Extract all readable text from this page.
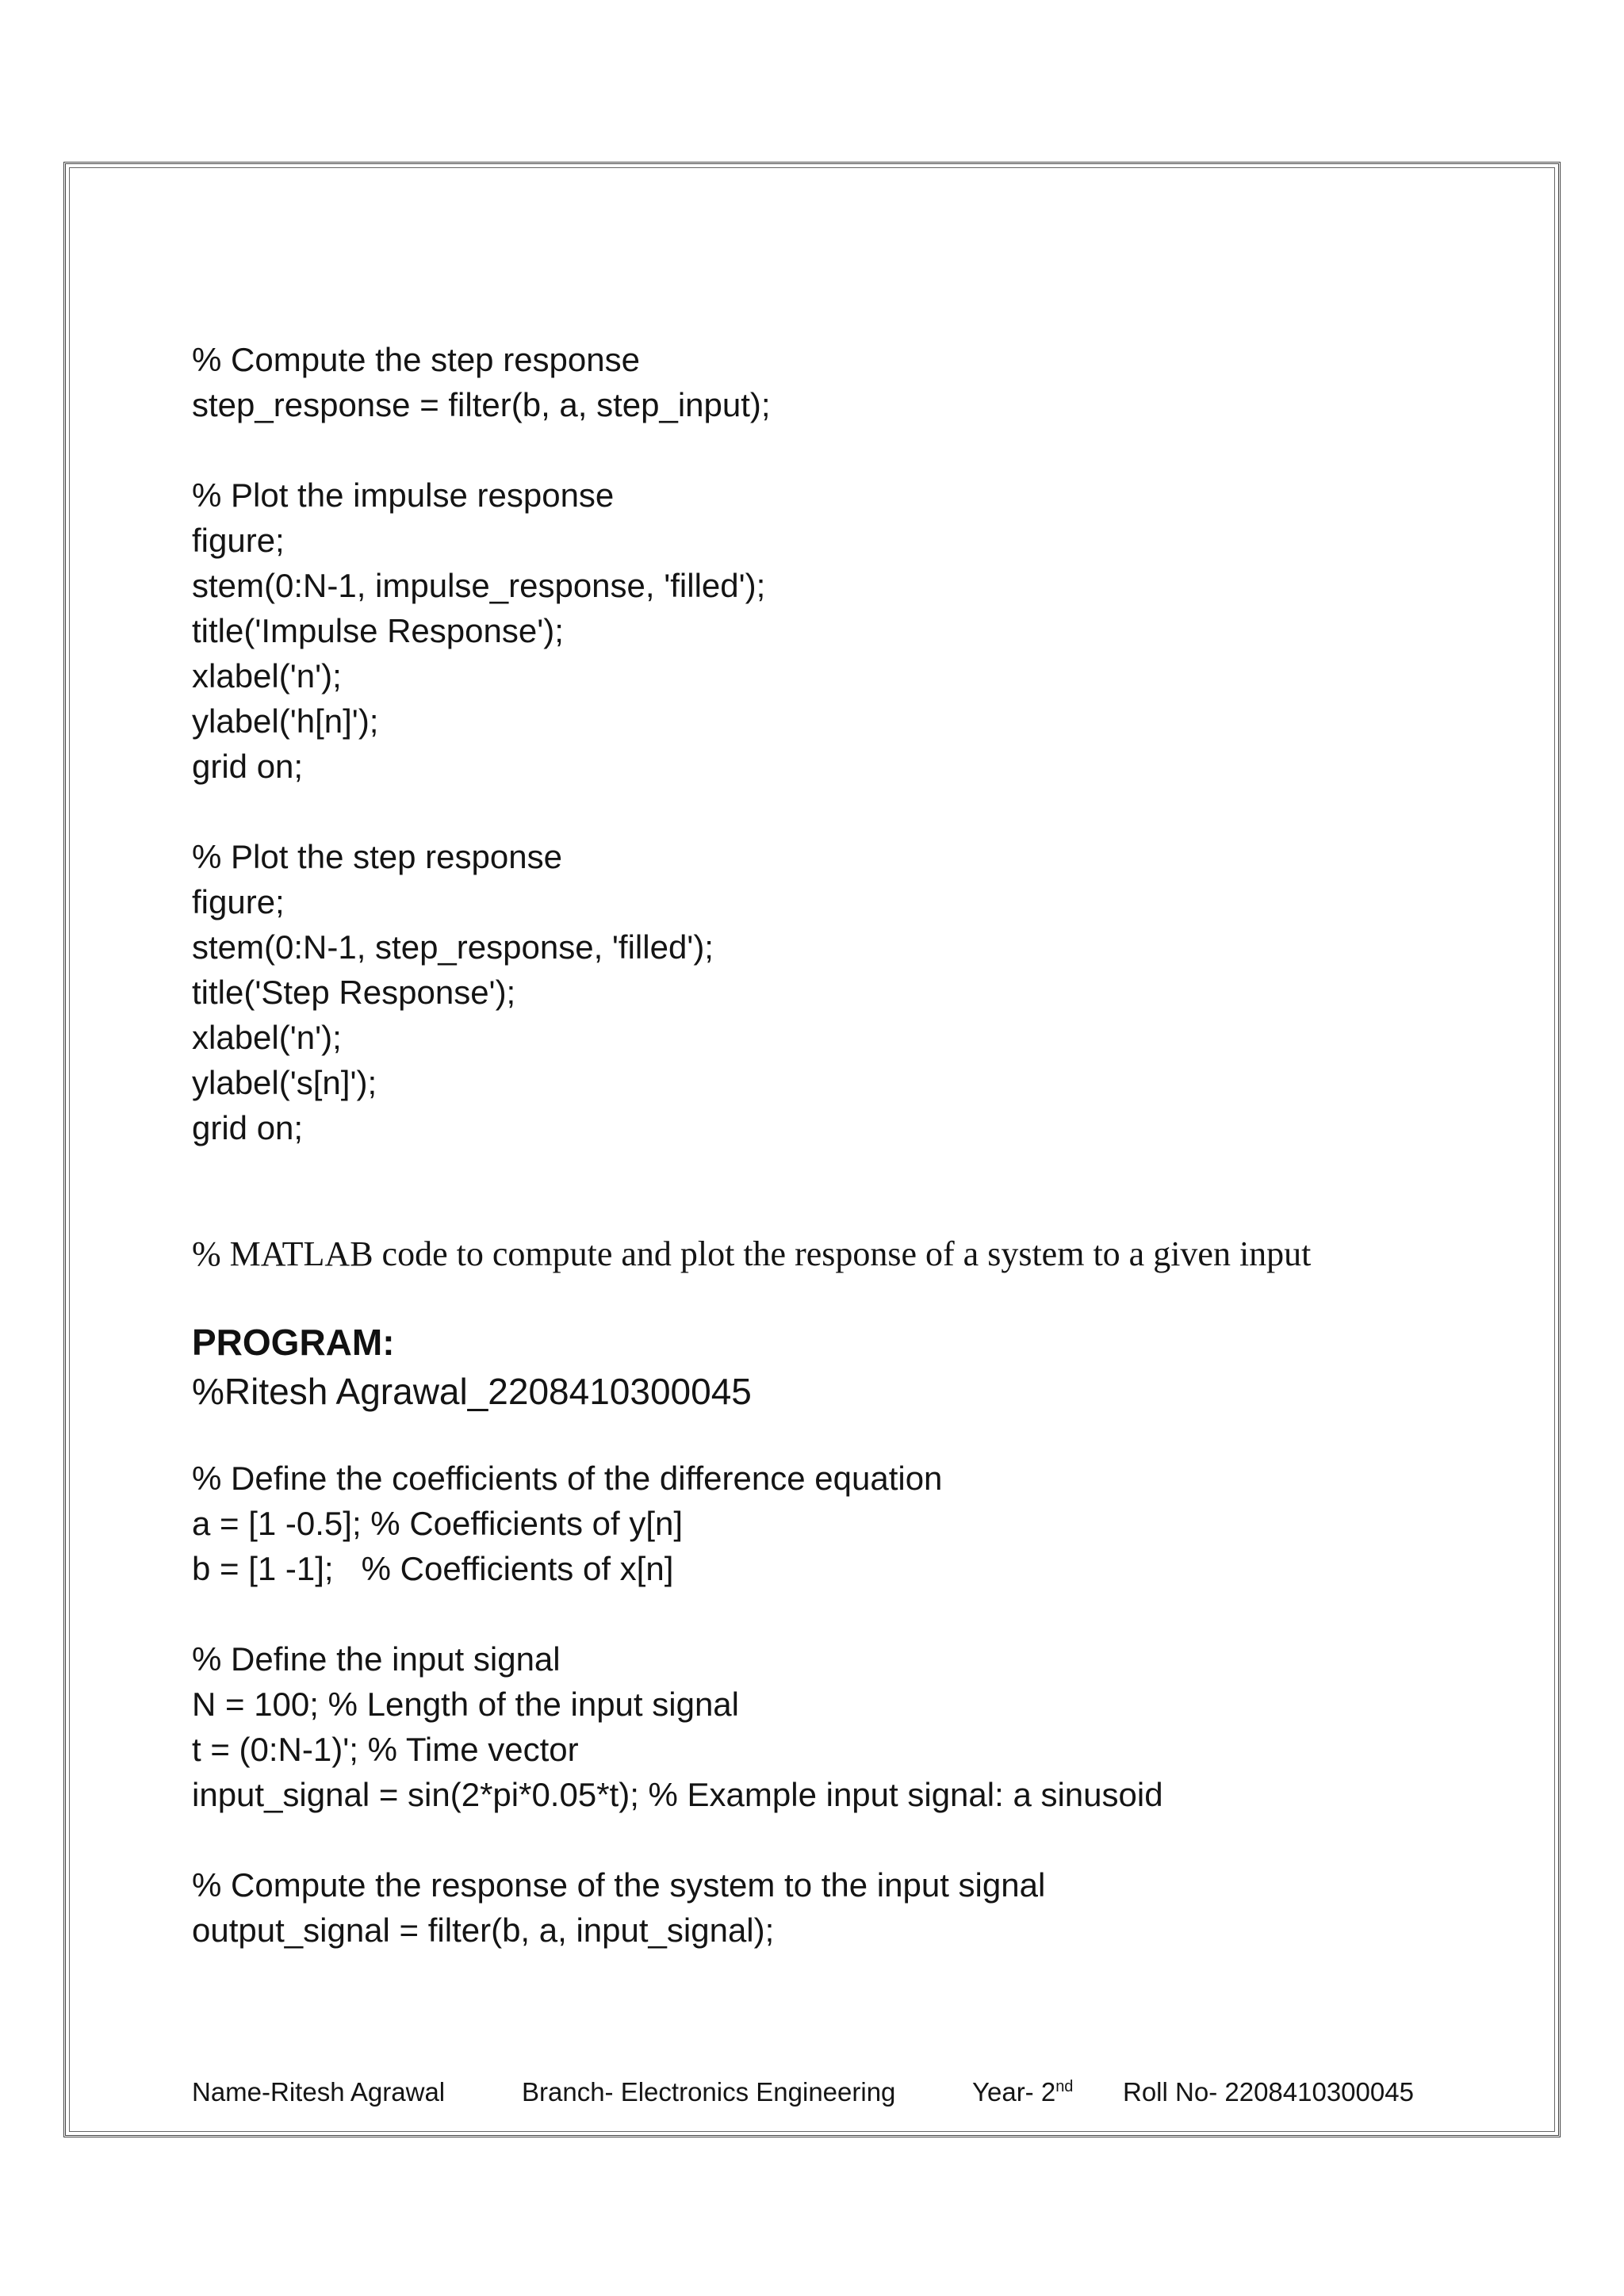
% Compute the step response
step_response = filter(b, a, step_input);
% Plot the impulse response
figure;
stem(0:N-1, impulse_response, 'filled');
title('Impulse Response');
xlabel('n');
ylabel('h[n]');
grid on;
% Plot the step response
figure;
stem(0:N-1, step_response, 'filled');
title('Step Response');
xlabel('n');
ylabel('s[n]');
grid on;
% MATLAB code to compute and plot the response of a system to a given input
PROGRAM:
%Ritesh Agrawal_2208410300045
% Define the coefficients of the difference equation
a = [1 -0.5]; % Coefficients of y[n]
b = [1 -1];   % Coefficients of x[n]
% Define the input signal
N = 100; % Length of the input signal
t = (0:N-1)'; % Time vector
input_signal = sin(2*pi*0.05*t); % Example input signal: a sinusoid
% Compute the response of the system to the input signal
output_signal = filter(b, a, input_signal);
Name-Ritesh Agrawal	Branch- Electronics Engineering	Year- 2nd Roll No- 2208410300045
